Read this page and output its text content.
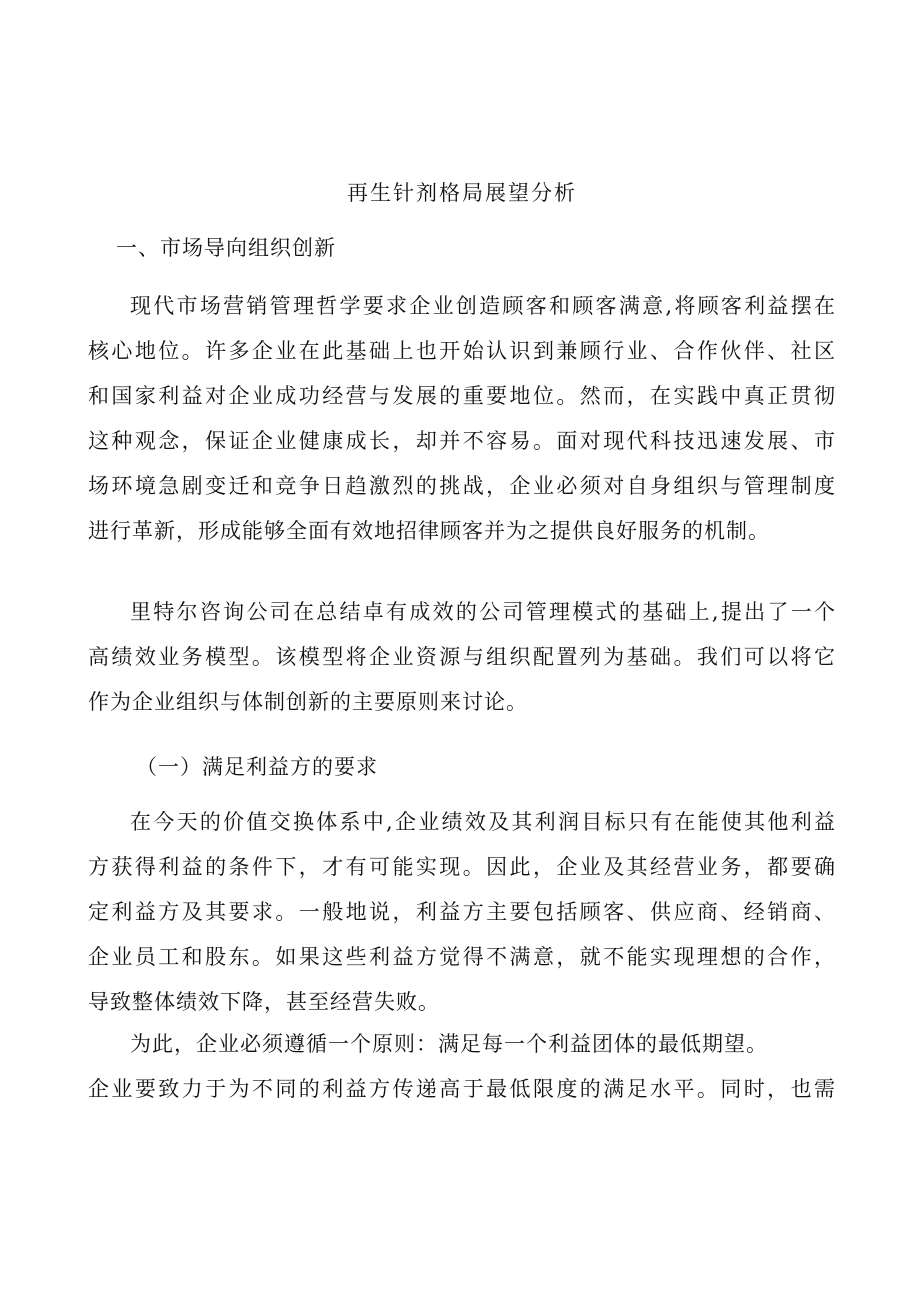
再生针剂格局展望分析
一、市场导向组织创新
现代市场营销管理哲学要求企业创造顾客和顾客满意,将顾客利益摆在
核心地位。许多企业在此基础上也开始认识到兼顾行业、合作伙伴、社区
和国家利益对企业成功经营与发展的重要地位。然而，在实践中真正贯彻
这种观念，保证企业健康成长，却并不容易。面对现代科技迅速发展、市
场环境急剧变迁和竞争日趋激烈的挑战，企业必须对自身组织与管理制度
进行革新，形成能够全面有效地招律顾客并为之提供良好服务的机制。
里特尔咨询公司在总结卓有成效的公司管理模式的基础上,提出了一个
高绩效业务模型。该模型将企业资源与组织配置列为基础。我们可以将它
作为企业组织与体制创新的主要原则来讨论。
（一）满足利益方的要求
在今天的价值交换体系中,企业绩效及其利润目标只有在能使其他利益
方获得利益的条件下，才有可能实现。因此，企业及其经营业务，都要确
定利益方及其要求。一般地说，利益方主要包括顾客、供应商、经销商、
企业员工和股东。如果这些利益方觉得不满意，就不能实现理想的合作，
导致整体绩效下降，甚至经营失败。
为此，企业必须遵循一个原则：满足每一个利益团体的最低期望。
企业要致力于为不同的利益方传递高于最低限度的满足水平。同时，也需
